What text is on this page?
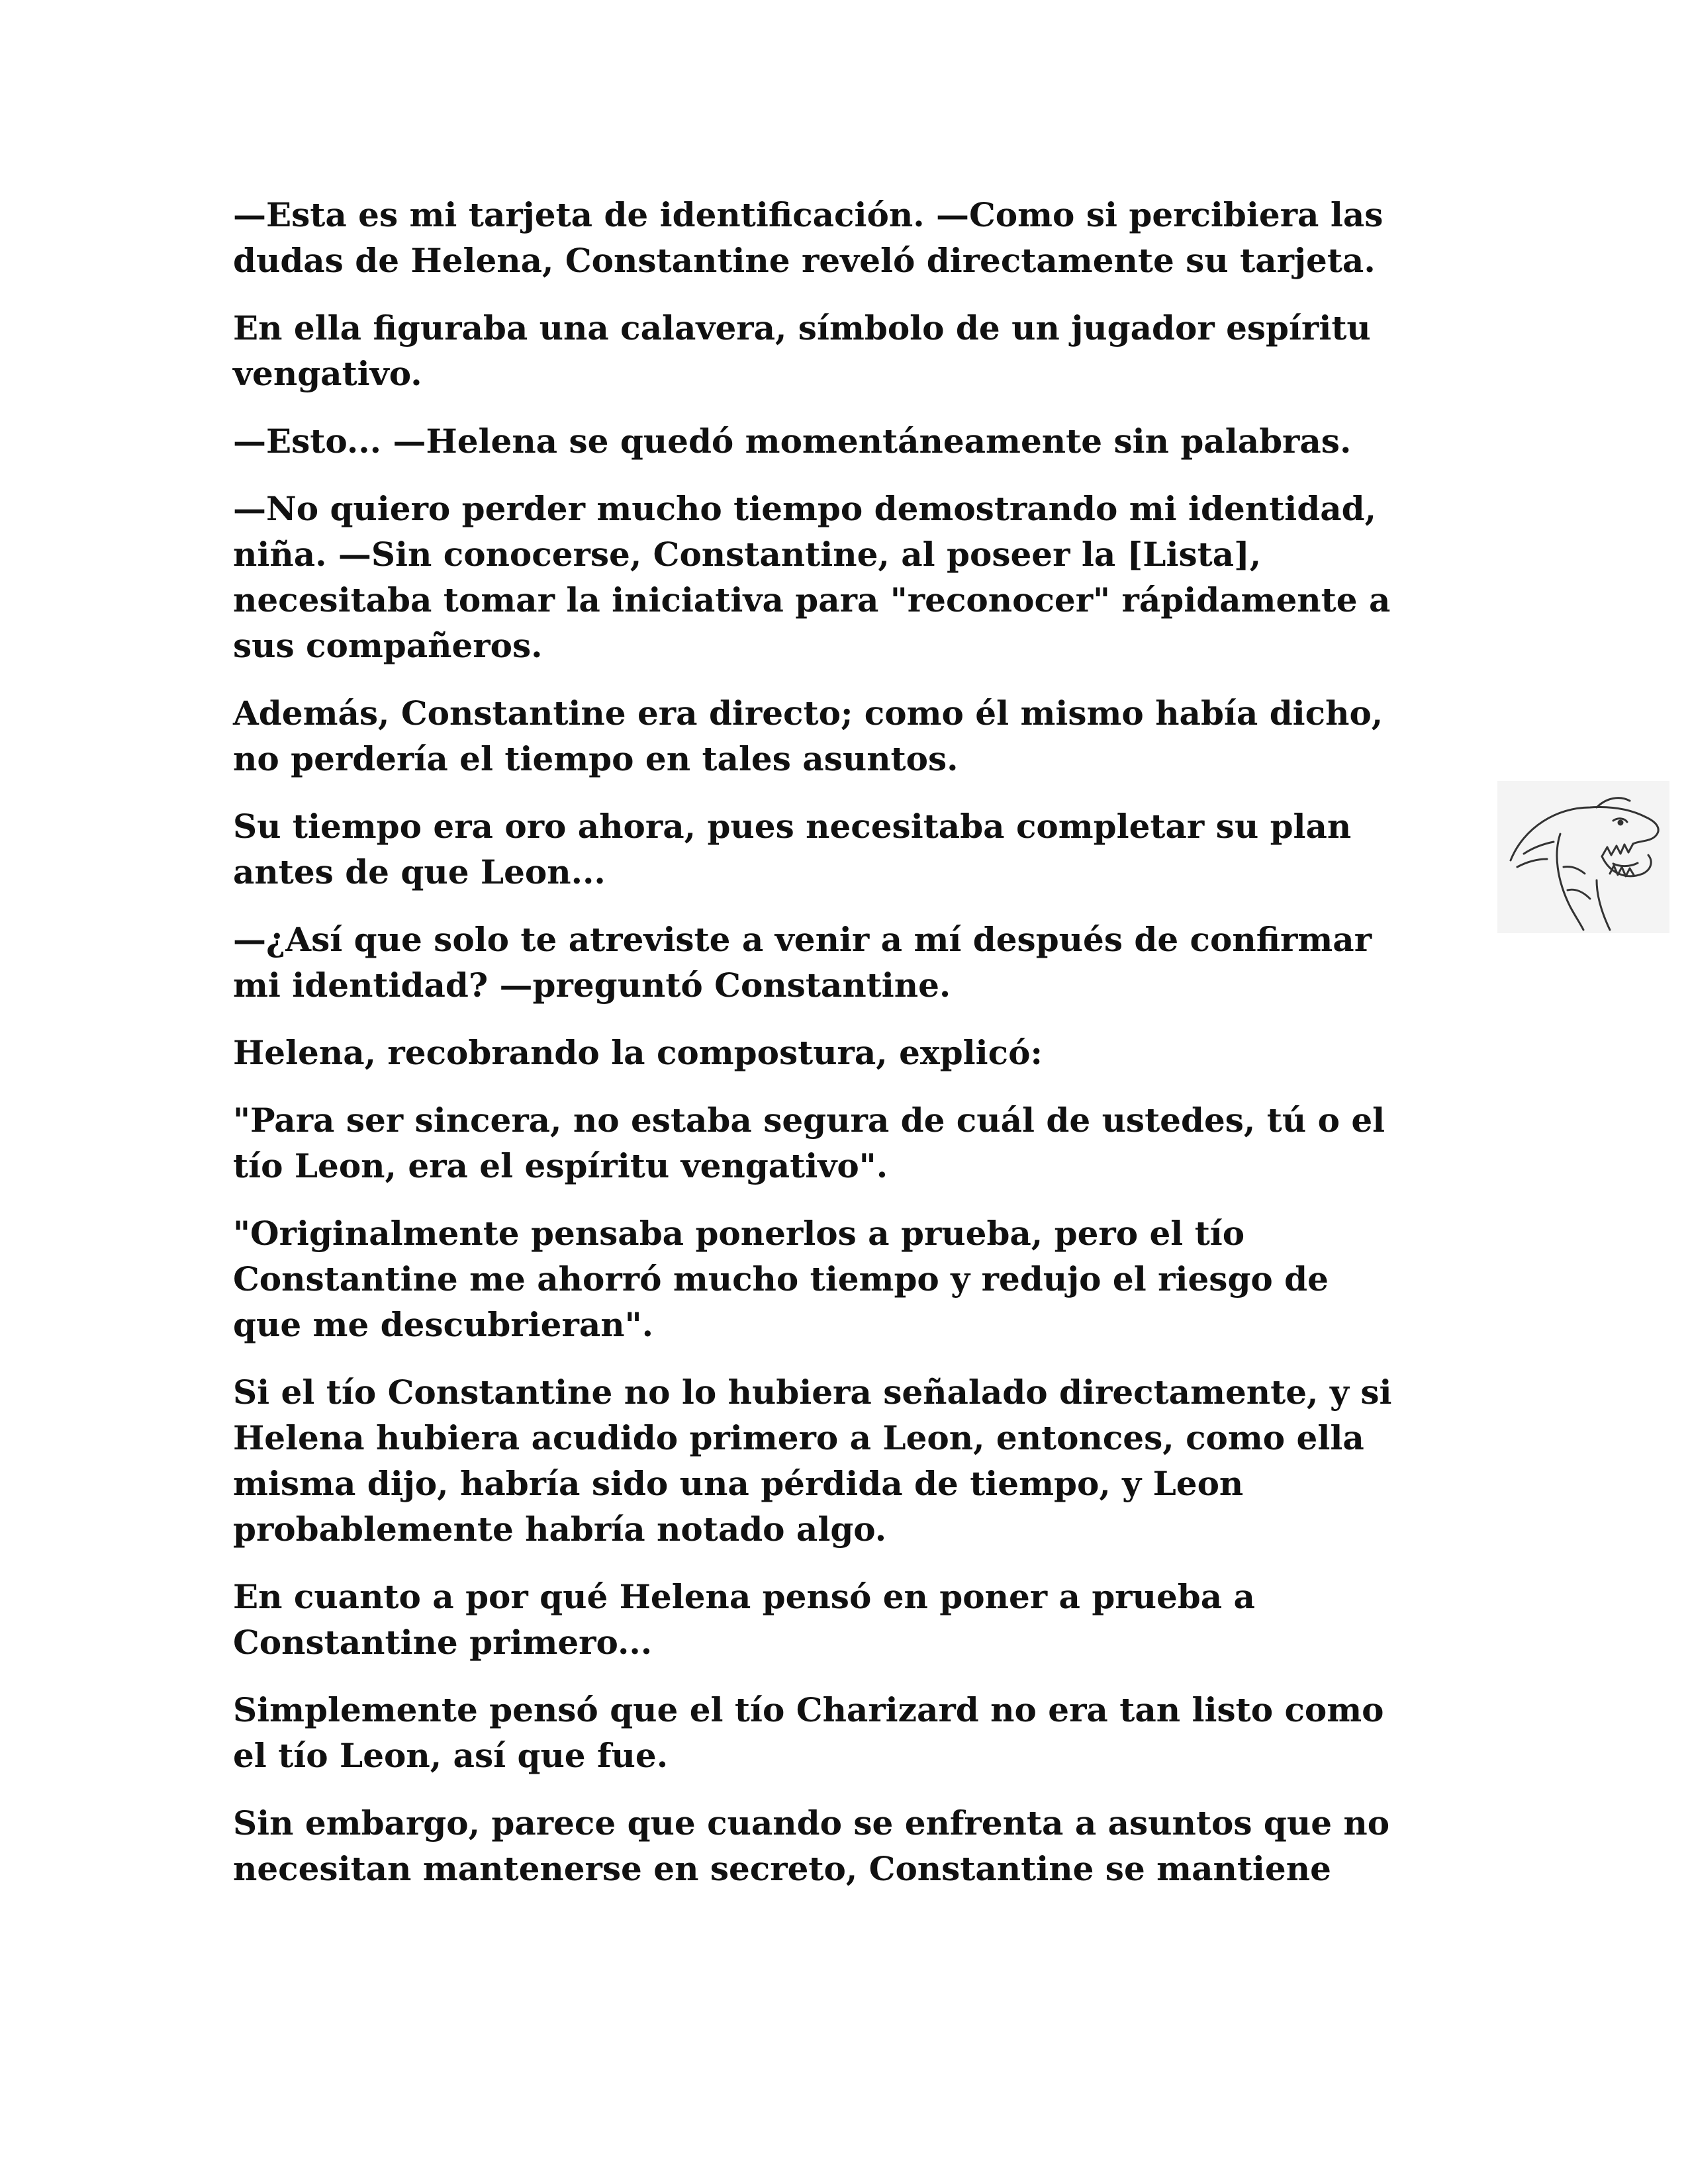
—Esta es mi tarjeta de identificación. —Como si percibiera las
dudas de Helena, Constantine reveló directamente su tarjeta.

En ella figuraba una calavera, símbolo de un jugador espíritu
vengativo.

—Esto... —Helena se quedó momentáneamente sin palabras.

—No quiero perder mucho tiempo demostrando mi identidad,
niña. —Sin conocerse, Constantine, al poseer la [Lista],
necesitaba tomar la iniciativa para "reconocer" rápidamente a
sus compañeros.

Además, Constantine era directo; como él mismo había dicho,
no perdería el tiempo en tales asuntos.

Su tiempo era oro ahora, pues necesitaba completar su plan
antes de que Leon...

—¿Así que solo te atreviste a venir a mí después de confirmar
mi identidad? —preguntó Constantine.

Helena, recobrando la compostura, explicó:

"Para ser sincera, no estaba segura de cuál de ustedes, tú o el
tío Leon, era el espíritu vengativo".

"Originalmente pensaba ponerlos a prueba, pero el tío
Constantine me ahorró mucho tiempo y redujo el riesgo de
que me descubrieran".

Si el tío Constantine no lo hubiera señalado directamente, y si
Helena hubiera acudido primero a Leon, entonces, como ella
misma dijo, habría sido una pérdida de tiempo, y Leon
probablemente habría notado algo.

En cuanto a por qué Helena pensó en poner a prueba a
Constantine primero...

Simplemente pensó que el tío Charizard no era tan listo como
el tío Leon, así que fue.

Sin embargo, parece que cuando se enfrenta a asuntos que no
necesitan mantenerse en secreto, Constantine se mantiene
